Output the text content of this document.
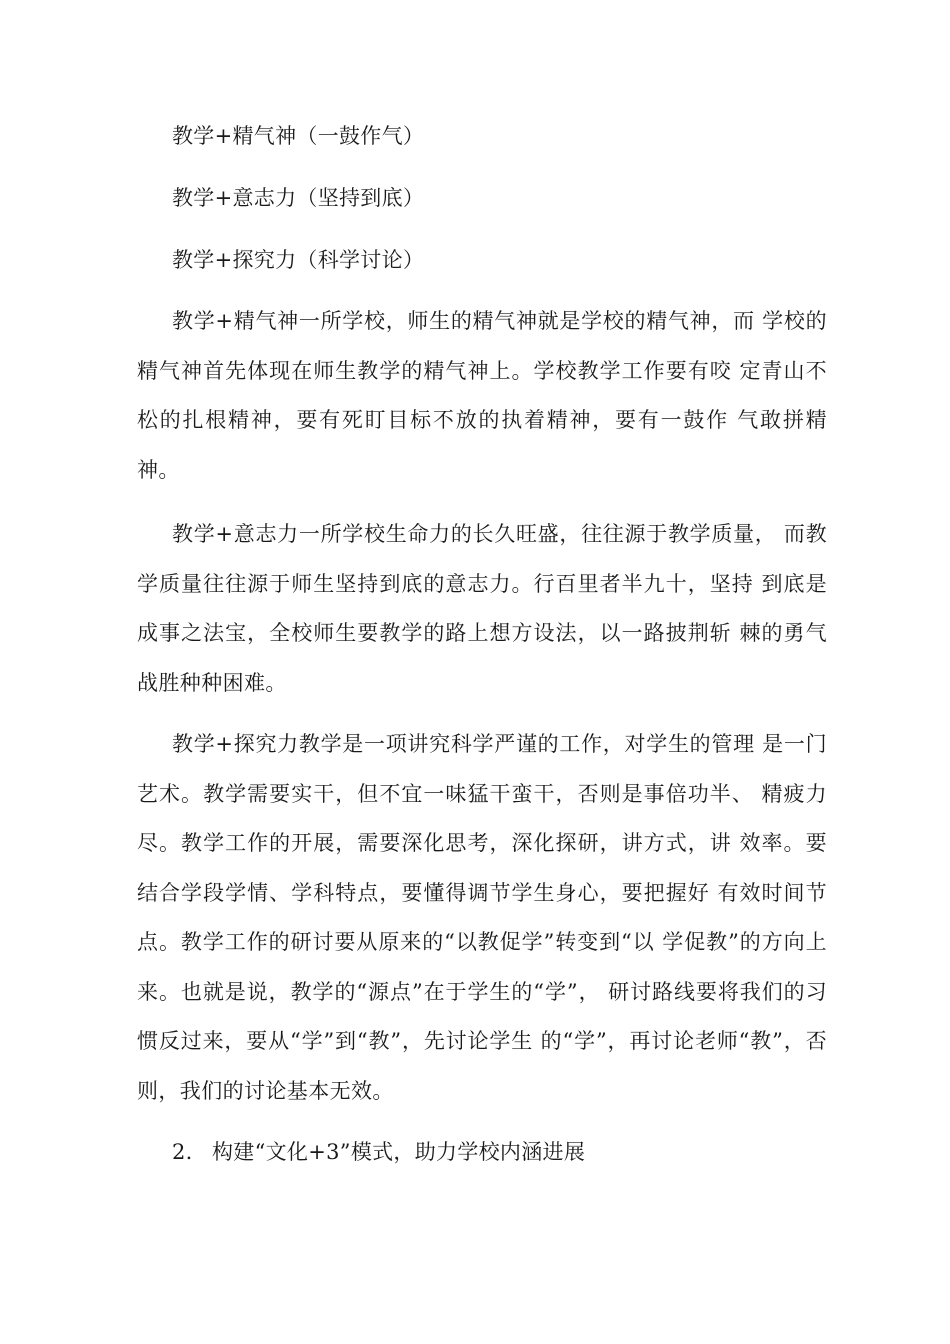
教学+精气神（一鼓作气）
教学+意志力（坚持到底）
教学+探究力（科学讨论）

教学+精气神一所学校，师生的精气神就是学校的精气神，而 学校的精气神首先体现在师生教学的精气神上。学校教学工作要有咬 定青山不松的扎根精神，要有死盯目标不放的执着精神，要有一鼓作 气敢拼精神。

教学+意志力一所学校生命力的长久旺盛，往往源于教学质量， 而教学质量往往源于师生坚持到底的意志力。行百里者半九十，坚持 到底是成事之法宝，全校师生要教学的路上想方设法，以一路披荆斩 棘的勇气战胜种种困难。

教学+探究力教学是一项讲究科学严谨的工作，对学生的管理 是一门艺术。教学需要实干，但不宜一味猛干蛮干，否则是事倍功半、 精疲力尽。教学工作的开展，需要深化思考，深化探研，讲方式，讲 效率。要结合学段学情、学科特点，要懂得调节学生身心，要把握好 有效时间节点。教学工作的研讨要从原来的“以教促学”转变到“以 学促教”的方向上来。也就是说，教学的“源点”在于学生的“学”， 研讨路线要将我们的习惯反过来，要从“学”到“教”，先讨论学生 的“学”，再讨论老师“教”，否则，我们的讨论基本无效。

2. 构建“文化+3”模式，助力学校内涵进展
